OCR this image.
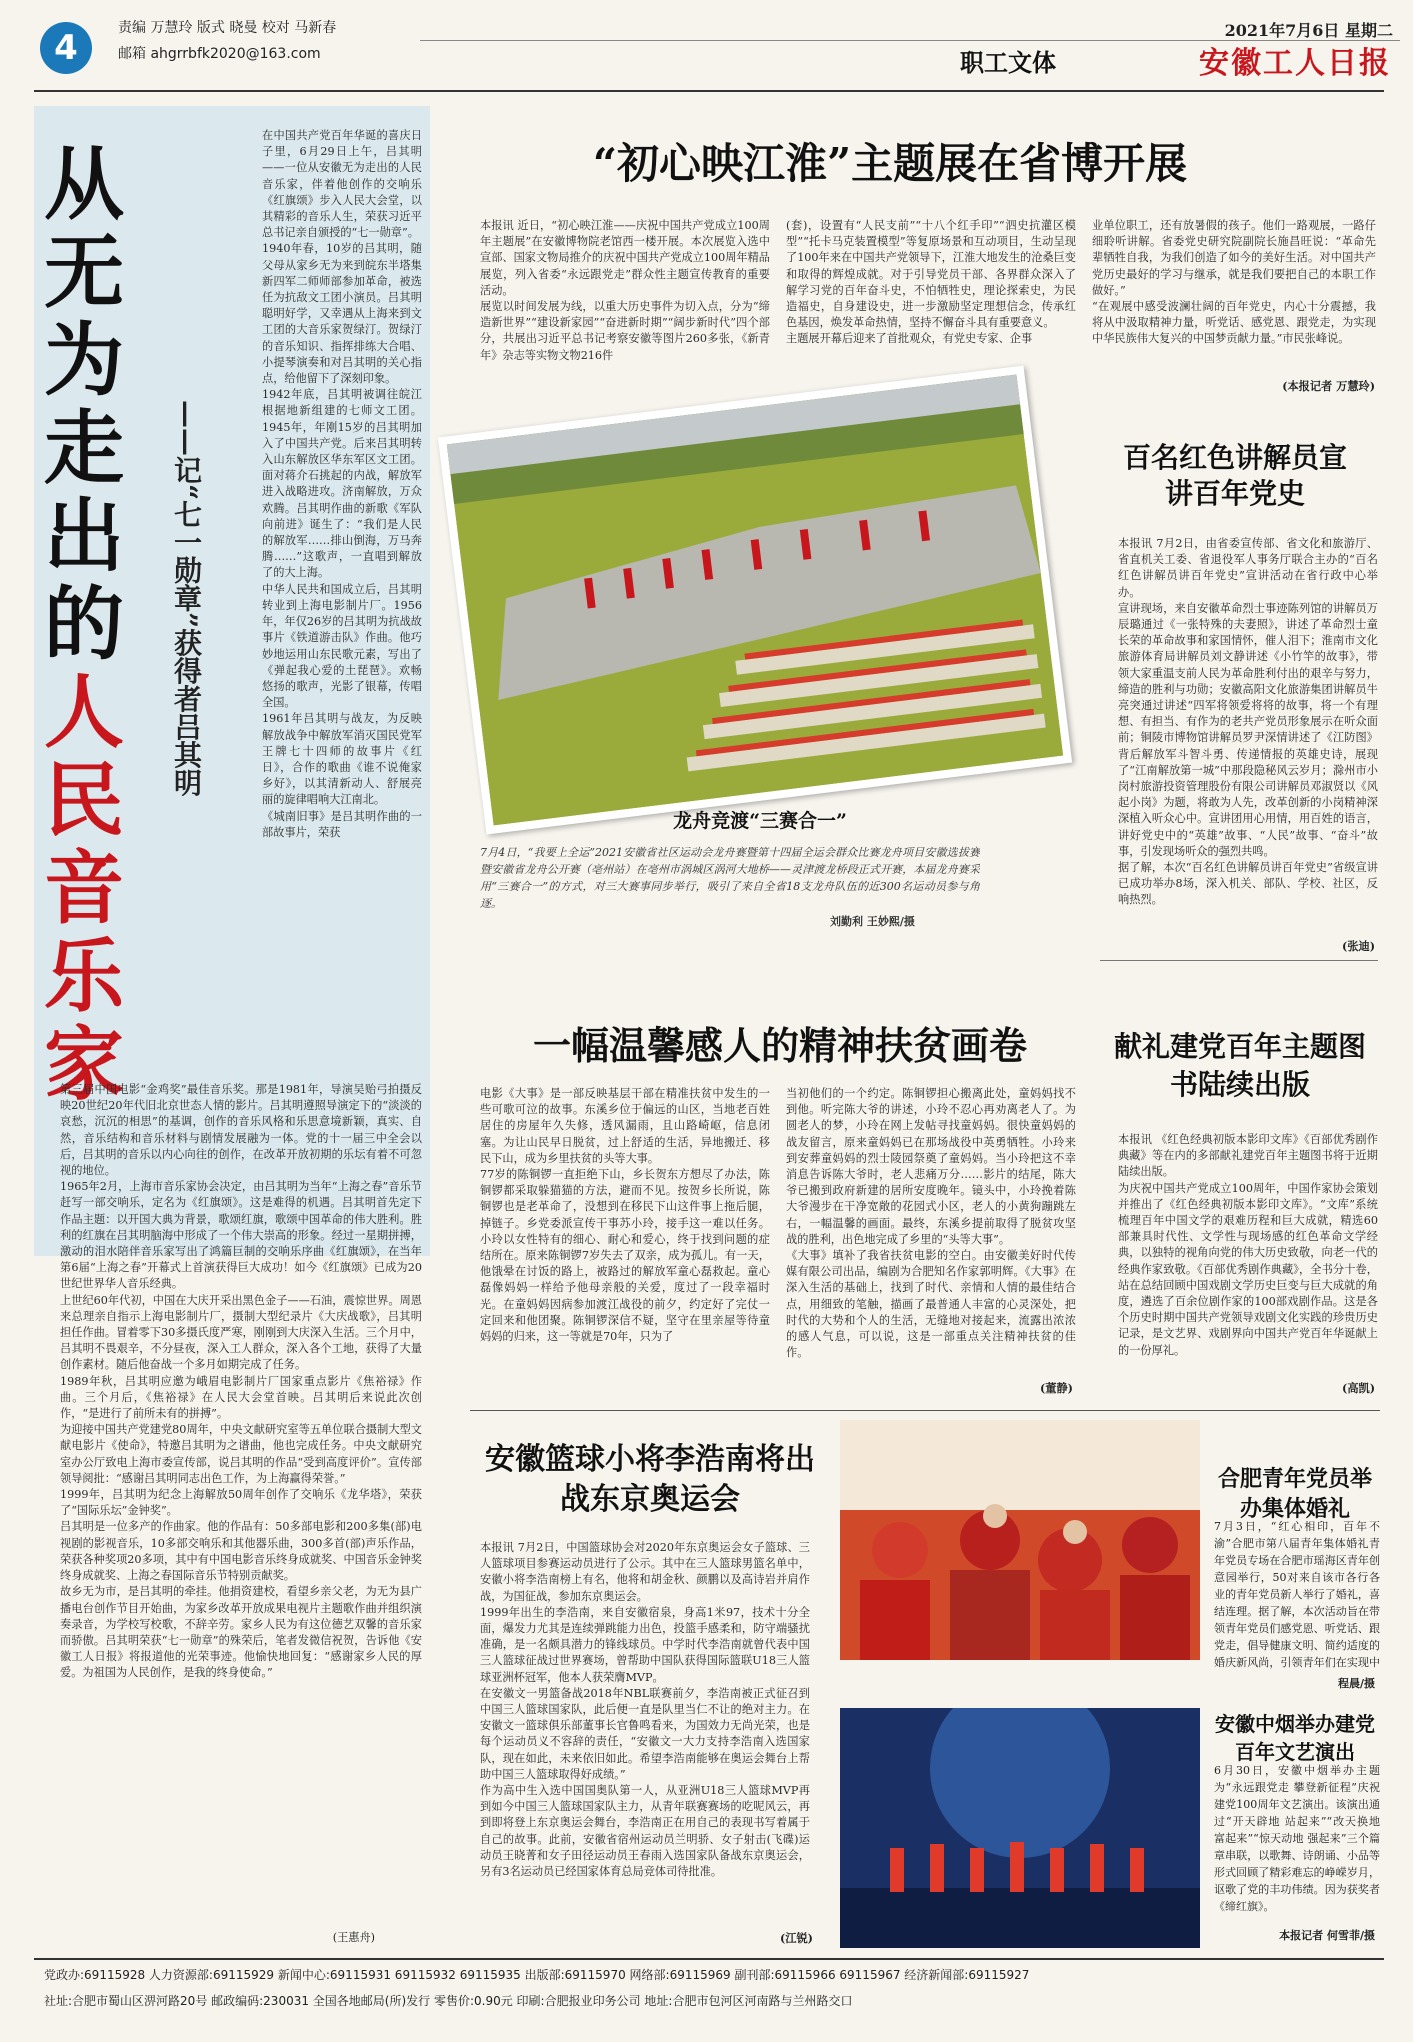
4	责编 万慧玲 版式 晓曼 校对 马新春
邮箱 ahgrrbfk2020@163.com	职工文体
2021年7月6日 星期二
安徽工人日报
从无为走出的人民音乐家
——记“七一勋章”获得者吕其明
在中国共产党百年华诞的喜庆日子里，6月29日上午，吕其明——一位从安徽无为走出的人民音乐家，伴着他创作的交响乐《红旗颂》步入人民大会堂，以其精彩的音乐人生，荣获习近平总书记亲自颁授的“七一勋章”。
1940年春，10岁的吕其明，随父母从家乡无为来到皖东半塔集新四军二师师部参加革命，被选任为抗敌文工团小演员。吕其明聪明好学，又幸遇从上海来到文工团的大音乐家贺绿汀。贺绿汀的音乐知识、指挥排练大合唱、小提琴演奏和对吕其明的关心指点，给他留下了深刻印象。
1942年底，吕其明被调往皖江根据地新组建的七师文工团。1945年，年刚15岁的吕其明加入了中国共产党。后来吕其明转入山东解放区华东军区文工团。面对蒋介石挑起的内战，解放军进入战略进攻。济南解放，万众欢腾。吕其明作曲的新歌《军队向前进》诞生了：“我们是人民的解放军……排山倒海，万马奔腾……”这歌声，一直唱到解放了的大上海。
中华人民共和国成立后，吕其明转业到上海电影制片厂。1956年，年仅26岁的吕其明为抗战故事片《铁道游击队》作曲。他巧妙地运用山东民歌元素，写出了《弹起我心爱的土琵琶》。欢畅悠扬的歌声，光影了银幕，传唱全国。
1961年吕其明与战友，为反映解放战争中解放军消灭国民党军王牌七十四师的故事片《红日》，合作的歌曲《谁不说俺家乡好》，以其清新动人、舒展亮丽的旋律唱响大江南北。
《城南旧事》是吕其明作曲的一部故事片，荣获
第三届中国电影“金鸡奖”最佳音乐奖。那是1981年，导演吴贻弓拍摄反映20世纪20年代旧北京世态人情的影片。吕其明遵照导演定下的“淡淡的哀愁，沉沉的相思”的基调，创作的音乐风格和乐思意境新颖，真实、自然，音乐结构和音乐材料与剧情发展融为一体。党的十一届三中全会以后，吕其明的音乐以内心向往的创作，在改革开放初期的乐坛有着不可忽视的地位。
1965年2月，上海市音乐家协会决定，由吕其明为当年“上海之春”音乐节赶写一部交响乐，定名为《红旗颂》。这是难得的机遇。吕其明首先定下作品主题：以开国大典为背景，歌颂红旗，歌颂中国革命的伟大胜利。胜利的红旗在吕其明脑海中形成了一个伟大崇高的形象。经过一星期拼搏，激动的泪水陪伴音乐家写出了鸿篇巨制的交响乐序曲《红旗颂》，在当年第6届“上海之春”开幕式上首演获得巨大成功！如今《红旗颂》已成为20世纪世界华人音乐经典。
上世纪60年代初，中国在大庆开采出黑色金子——石油，震惊世界。周恩来总理亲自指示上海电影制片厂，摄制大型纪录片《大庆战歌》，吕其明担任作曲。冒着零下30多摄氏度严寒，刚刚到大庆深入生活。三个月中，吕其明不畏艰辛，不分昼夜，深入工人群众，深入各个工地，获得了大量创作素材。随后他奋战一个多月如期完成了任务。
1989年秋，吕其明应邀为峨眉电影制片厂国家重点影片《焦裕禄》作曲。三个月后，《焦裕禄》在人民大会堂首映。吕其明后来说此次创作，“是进行了前所未有的拼搏”。
为迎接中国共产党建党80周年，中央文献研究室等五单位联合摄制大型文献电影片《使命》，特邀吕其明为之谱曲，他也完成任务。中央文献研究室办公厅致电上海市委宣传部，说吕其明的作品“受到高度评价”。宣传部领导阅批：“感谢吕其明同志出色工作，为上海赢得荣誉。”
1999年，吕其明为纪念上海解放50周年创作了交响乐《龙华塔》，荣获了“国际乐坛”金钟奖”。
吕其明是一位多产的作曲家。他的作品有：50多部电影和200多集(部)电视剧的影视音乐，10多部交响乐和其他器乐曲，300多首(部)声乐作品，荣获各种奖项20多项，其中有中国电影音乐终身成就奖、中国音乐金钟奖终身成就奖、上海之春国际音乐节特别贡献奖。
故乡无为市，是吕其明的牵挂。他捐资建校，看望乡亲父老，为无为县广播电台创作节目开始曲，为家乡改革开放成果电视片主题歌作曲并组织演奏录音，为学校写校歌，不辞辛劳。家乡人民为有这位德艺双馨的音乐家而骄傲。吕其明荣获“七一勋章”的殊荣后，笔者发微信祝贺，告诉他《安徽工人日报》将报道他的光荣事迹。他愉快地回复：“感谢家乡人民的厚爱。为祖国为人民创作，是我的终身使命。”
(王惠舟)
“初心映江淮”主题展在省博开展
本报讯 近日，“初心映江淮——庆祝中国共产党成立100周年主题展”在安徽博物院老馆西一楼开展。本次展览入选中宣部、国家文物局推介的庆祝中国共产党成立100周年精品展览，列入省委“永远跟党走”群众性主题宣传教育的重要活动。
展览以时间发展为线，以重大历史事件为切入点，分为“缔造新世界”“建设新家园”“奋进新时期”“阔步新时代”四个部分，共展出习近平总书记考察安徽等图片260多张，《新青年》杂志等实物文物216件
(套)，设置有“人民支前”“十八个红手印”“泗史抗灌区模型”“托卡马克装置模型”等复原场景和互动项目，生动呈现了100年来在中国共产党领导下，江淮大地发生的沧桑巨变和取得的辉煌成就。对于引导党员干部、各界群众深入了解学习党的百年奋斗史，不怕牺牲史，理论探索史，为民造福史，自身建设史，进一步激励坚定理想信念，传承红色基因，焕发革命热情，坚持不懈奋斗具有重要意义。
主题展开幕后迎来了首批观众，有党史专家、企事
业单位职工，还有放暑假的孩子。他们一路观展，一路仔细聆听讲解。省委党史研究院副院长施昌旺说：“革命先辈牺牲自我，为我们创造了如今的美好生活。对中国共产党历史最好的学习与继承，就是我们要把自己的本职工作做好。”
“在观展中感受波澜壮阔的百年党史，内心十分震撼，我将从中汲取精神力量，听党话、感党恩、跟党走，为实现中华民族伟大复兴的中国梦贡献力量。”市民张峰说。
(本报记者 万慧玲)
龙舟竞渡“三赛合一”
7月4日，“我要上全运”2021安徽省社区运动会龙舟赛暨第十四届全运会群众比赛龙舟项目安徽选拔赛暨安徽省龙舟公开赛（亳州站）在亳州市涡城区涡河大地桥——灵津渡龙桥段正式开赛，本届龙舟赛采用“三赛合一”的方式，对三大赛事同步举行，吸引了来自全省18支龙舟队伍的近300名运动员参与角逐。
刘勤利 王妙熙/摄
百名红色讲解员宣讲百年党史
本报讯 7月2日，由省委宣传部、省文化和旅游厅、省直机关工委、省退役军人事务厅联合主办的“百名红色讲解员讲百年党史”宣讲活动在省行政中心举办。
宣讲现场，来自安徽革命烈士事迹陈列馆的讲解员万辰璐通过《一张特殊的夫妻照》，讲述了革命烈士童长荣的革命故事和家国情怀，催人泪下；淮南市文化旅游体育局讲解员刘文静讲述《小竹竿的故事》，带领大家重温支前人民为革命胜利付出的艰辛与努力，缔造的胜利与功勋；安徽高阳文化旅游集团讲解员牛亮突通过讲述“四军将领爱将将的故事，将一个有理想、有担当、有作为的老共产党员形象展示在听众面前；铜陵市博物馆讲解员罗尹深情讲述了《江防图》背后解放军斗智斗勇、传递情报的英雄史诗，展现了“江南解放第一城”中那段隐秘风云岁月；滁州市小岗村旅游投资管理股份有限公司讲解员邓淑贤以《风起小岗》为题，将敢为人先，改革创新的小岗精神深深植入听众心中。宣讲团用心用情，用百姓的语言，讲好党史中的“英雄”故事、“人民”故事、“奋斗”故事，引发现场听众的强烈共鸣。
据了解，本次“百名红色讲解员讲百年党史”省级宣讲已成功举办8场，深入机关、部队、学校、社区，反响热烈。
(张迪)
一幅温馨感人的精神扶贫画卷
电影《大事》是一部反映基层干部在精准扶贫中发生的一些可歌可泣的故事。东溪乡位于偏远的山区，当地老百姓居住的房屋年久失修，透风漏雨，且山路崎岖，信息闭塞。为让山民早日脱贫，过上舒适的生活，异地搬迁、移民下山，成为乡里扶贫的头等大事。
77岁的陈铜锣一直拒绝下山，乡长贺东方想尽了办法，陈铜锣都采取躲猫猫的方法，避而不见。按贺乡长所说，陈铜锣也是老革命了，没想到在移民下山这件事上拖后腿，掉链子。乡党委派宣传干事苏小玲，接手这一难以任务。小玲以女性特有的细心、耐心和爱心，终于找到问题的症结所在。原来陈铜锣7岁失去了双亲，成为孤儿。有一天，他饿晕在讨饭的路上，被路过的解放军童心磊救起。童心磊像妈妈一样给予他母亲般的关爱，度过了一段幸福时光。在童妈妈因病参加渡江战役的前夕，约定好了完仗一定回来和他团聚。陈铜锣深信不疑，坚守在里亲屋等待童妈妈的归来，这一等就是70年，只为了
当初他们的一个约定。陈铜锣担心搬离此处，童妈妈找不到他。听完陈大爷的讲述，小玲不忍心再劝离老人了。为圆老人的梦，小玲在网上发帖寻找童妈妈。很快童妈妈的战友留言，原来童妈妈已在那场战役中英勇牺牲。小玲来到安葬童妈妈的烈士陵园祭奠了童妈妈。当小玲把这不幸消息告诉陈大爷时，老人悲痛万分……影片的结尾，陈大爷已搬到政府新建的居所安度晚年。镜头中，小玲挽着陈大爷漫步在干净宽敞的花园式小区，老人的小黄狗蹦跳左右，一幅温馨的画面。最终，东溪乡提前取得了脱贫攻坚战的胜利，出色地完成了乡里的“头等大事”。
《大事》填补了我省扶贫电影的空白。由安徽美好时代传媒有限公司出品，编剧为合肥知名作家郭明辉。《大事》在深入生活的基础上，找到了时代、亲情和人情的最佳结合点，用细致的笔触，描画了最普通人丰富的心灵深处，把时代的大势和个人的生活，无缝地对接起来，流露出浓浓的感人气息，可以说，这是一部重点关注精神扶贫的佳作。
(董静)
献礼建党百年主题图书陆续出版
本报讯 《红色经典初版本影印文库》《百部优秀剧作典藏》等在内的多部献礼建党百年主题图书将于近期陆续出版。
为庆祝中国共产党成立100周年，中国作家协会策划并推出了《红色经典初版本影印文库》。“文库”系统梳理百年中国文学的艰难历程和巨大成就，精选60部兼具时代性、文学性与现场感的红色革命文学经典，以独特的视角向党的伟大历史致敬，向老一代的经典作家致敬。《百部优秀剧作典藏》，全书分十卷，站在总结回顾中国戏剧文学历史巨变与巨大成就的角度，遴选了百余位剧作家的100部戏剧作品。这是各个历史时期中国共产党领导戏剧文化实践的珍贵历史记录，是文艺界、戏剧界向中国共产党百年华诞献上的一份厚礼。
(高凯)
安徽篮球小将李浩南将出战东京奥运会
本报讯 7月2日，中国篮球协会对2020年东京奥运会女子篮球、三人篮球项目参赛运动员进行了公示。其中在三人篮球男篮名单中，安徽小将李浩南榜上有名，他将和胡金秋、颜鹏以及高诗岩并肩作战，为国征战，参加东京奥运会。
1999年出生的李浩南，来自安徽宿泉，身高1米97，技术十分全面，爆发力尤其是连续弹跳能力出色，投篮手感柔和，防守端骚扰准确，是一名颇具潜力的锋线球员。中学时代李浩南就曾代表中国三人篮球征战过世界赛场，曾帮助中国队获得国际篮联U18三人篮球亚洲杯冠军，他本人获荣膺MVP。
在安徽文一男篮备战2018年NBL联赛前夕，李浩南被正式征召到中国三人篮球国家队，此后便一直是队里当仁不让的绝对主力。在安徽文一篮球俱乐部董事长官鲁鸣看来，为国效力无尚光荣，也是每个运动员义不容辞的责任，“安徽文一大力支持李浩南入选国家队，现在如此，未来依旧如此。希望李浩南能够在奥运会舞台上帮助中国三人篮球取得好成绩。”
作为高中生入选中国国奥队第一人，从亚洲U18三人篮球MVP再到如今中国三人篮球国家队主力，从青年联赛赛场的吃呢风云，再到即将登上东京奥运会舞台，李浩南正在用自己的表现书写着属于自己的故事。此前，安徽省宿州运动员兰明骄、女子射击(飞碟)运动员王晓菁和女子田径运动员王春雨入选国家队备战东京奥运会，另有3名运动员已经国家体育总局竞体司待批准。
(江锐)
合肥青年党员举办集体婚礼
7月3日，“红心相印，百年不渝”合肥市第八届青年集体婚礼青年党员专场在合肥市瑶海区青年创意园举行，50对来自该市各行各业的青年党员新人举行了婚礼，喜结连理。据了解，本次活动旨在带领青年党员们感党恩、听党话、跟党走，倡导健康文明、简约适度的婚庆新风尚，引领青年们在实现中
程晨/摄
安徽中烟举办建党百年文艺演出
6月30日，安徽中烟举办主题为“永远跟党走 攀登新征程”庆祝建党100周年文艺演出。该演出通过“开天辟地 站起来”“改天换地 富起来”“惊天动地 强起来”三个篇章串联，以歌舞、诗朗诵、小品等形式回顾了精彩难忘的峥嵘岁月，讴歌了党的丰功伟绩。因为获奖者《缔红旗》。
本报记者 何雪菲/摄
党政办:69115928 人力资源部:69115929 新闻中心:69115931 69115932 69115935 出版部:69115970 网络部:69115969 副刊部:69115966 69115967 经济新闻部:69115927
社址:合肥市蜀山区淠河路20号 邮政编码:230031 全国各地邮局(所)发行 零售价:0.90元 印刷:合肥报业印务公司 地址:合肥市包河区河南路与兰州路交口
